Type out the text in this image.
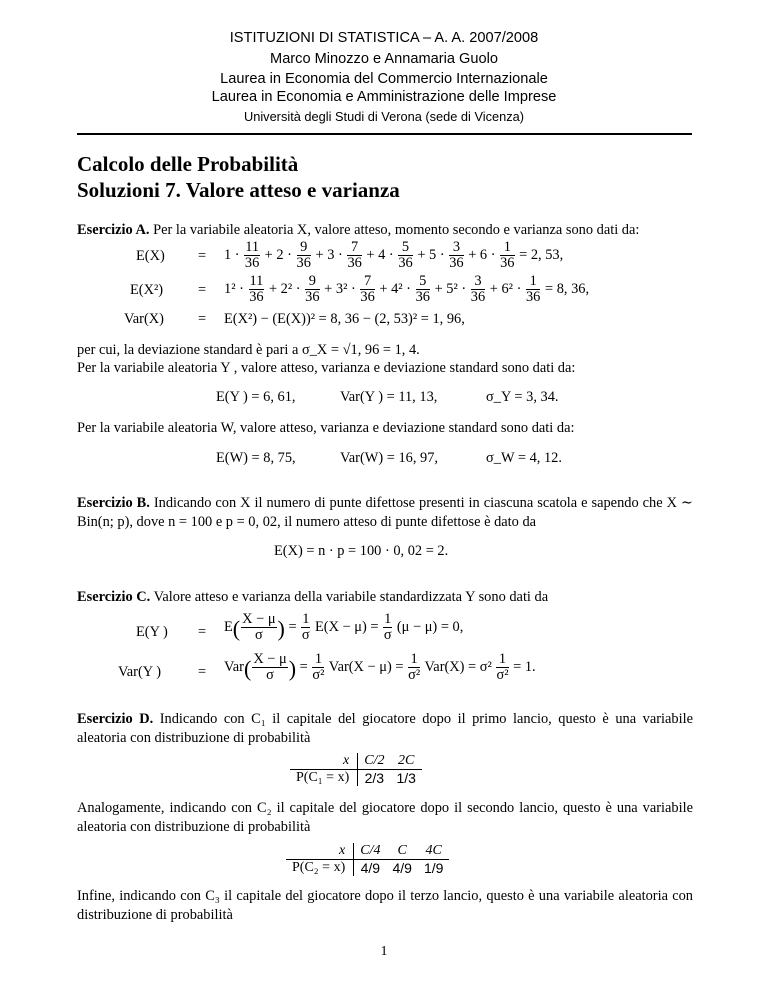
ISTITUZIONI DI STATISTICA – A. A. 2007/2008
Marco Minozzo e Annamaria Guolo
Laurea in Economia del Commercio Internazionale
Laurea in Economia e Amministrazione delle Imprese
Università degli Studi di Verona (sede di Vicenza)
Calcolo delle Probabilità
Soluzioni 7. Valore atteso e varianza
Esercizio A. Per la variabile aleatoria X, valore atteso, momento secondo e varianza sono dati da:
$E(X) = 1 \cdot \frac{11}{36} + 2 \cdot \frac{9}{36} + 3 \cdot \frac{7}{36} + 4 \cdot \frac{5}{36} + 5 \cdot \frac{3}{36} + 6 \cdot \frac{1}{36} = 2$, 53,
$E(X^2) = 1^2 \cdot \frac{11}{36} + 2^2 \cdot \frac{9}{36} + 3^2 \cdot \frac{7}{36} + 4^2 \cdot \frac{5}{36} + 5^2 \cdot \frac{3}{36} + 6^2 \cdot \frac{1}{36} = 8$, 36,
Var(X) = E(X²) − (E(X))² = 8, 36 − (2, 53)² = 1, 96,
per cui, la deviazione standard è pari a σ_X = √1, 96 = 1, 4.
Per la variabile aleatoria Y , valore atteso, varianza e deviazione standard sono dati da:
E(Y ) = 6, 61,	Var(Y ) = 11, 13,	σ_Y = 3, 34.
Per la variabile aleatoria W, valore atteso, varianza e deviazione standard sono dati da:
E(W) = 8, 75,	Var(W) = 16, 97,	σ_W = 4, 12.
Esercizio B. Indicando con X il numero di punte difettose presenti in ciascuna scatola e sapendo che X ∼ Bin(n; p), dove n = 100 e p = 0, 02, il numero atteso di punte difettose è dato da
E(X) = n · p = 100 · 0, 02 = 2.
Esercizio C. Valore atteso e varianza della variabile standardizzata Y sono dati da
E(Y ) = $E( \frac{X - \mu}{\sigma}$ ) = $\frac{1}{\sigma} E(X - \mu) = \frac{1}{\sigma} (\mu - \mu) = 0$,
Var(Y )	= $Var( \frac{X - \mu}{\sigma}$ ) = $\frac{1}{\text{σ²}} Var(X - \mu) = \frac{1}{\text{σ²}} Var(X) = \sigma^2 \frac{1}{\text{σ²}} = 1$.
Esercizio D. Indicando con C₁ il capitale del giocatore dopo il primo lancio, questo è una variabile aleatoria con distribuzione di probabilità
x	C/2	2C
P(C₁ = x)	2/3	1/3
Analogamente, indicando con C₂ il capitale del giocatore dopo il secondo lancio, questo è una variabile aleatoria con distribuzione di probabilità
x	C/4	C	4C
P(C₂ = x)	4/9	4/9	1/9
Infine, indicando con C₃ il capitale del giocatore dopo il terzo lancio, questo è una variabile aleatoria con distribuzione di probabilità
1
